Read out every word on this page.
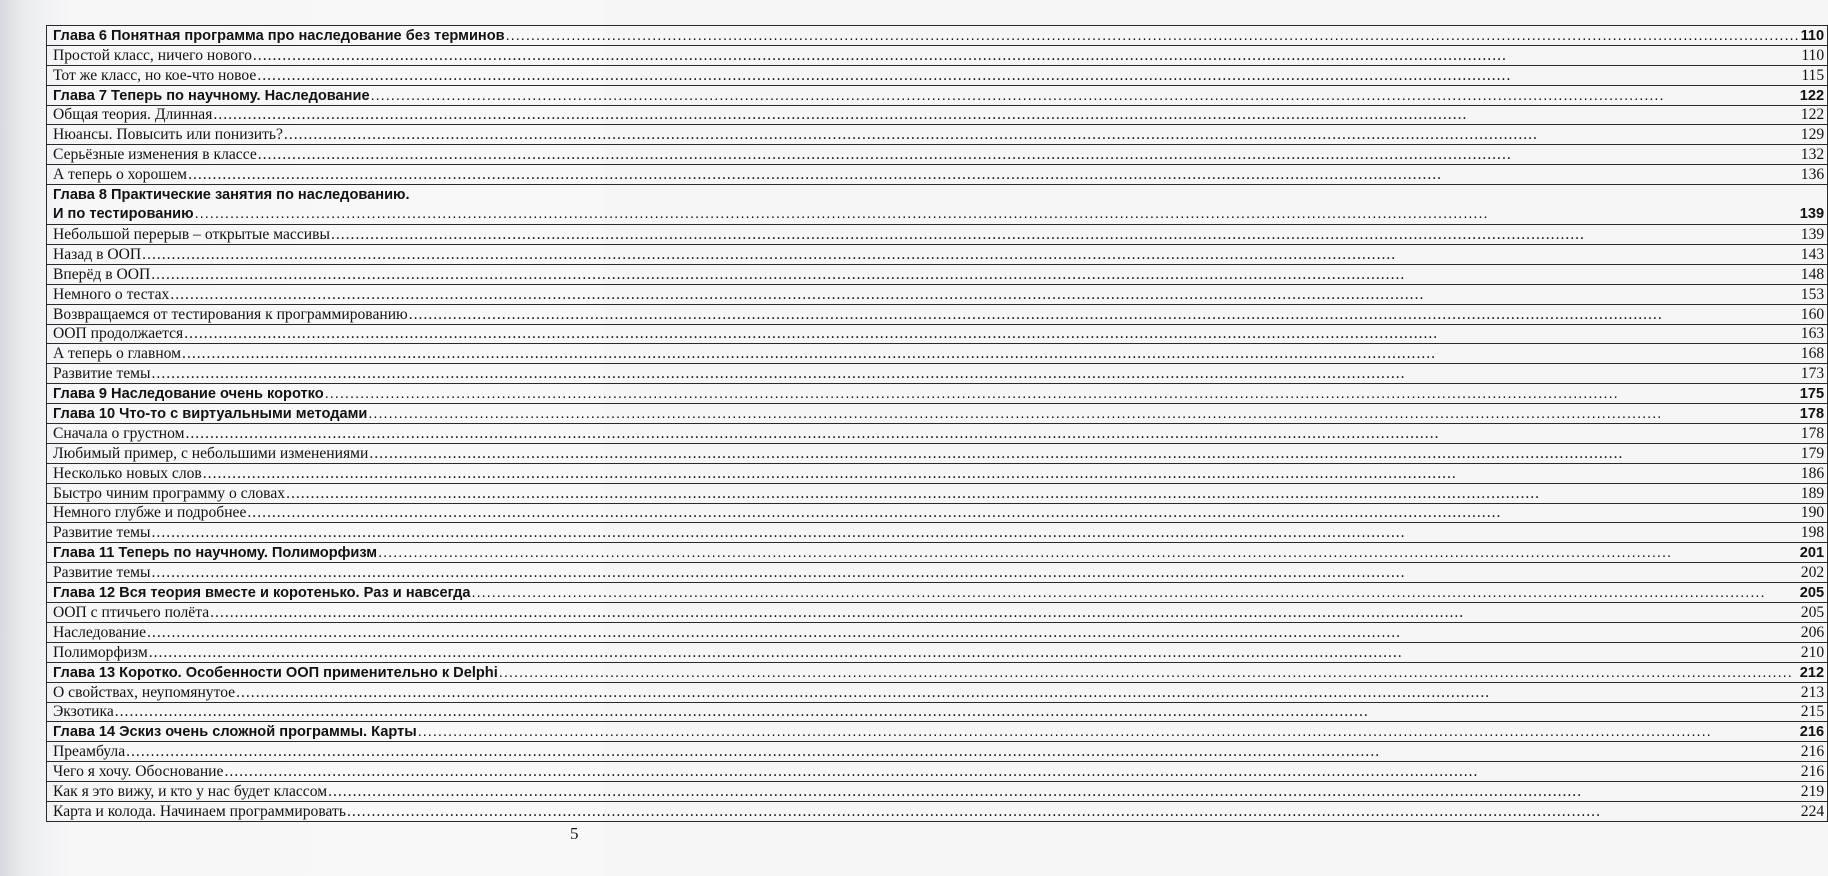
Глава 6 Понятная программа про наследование без терминов .....	110

Простой класс, ничего нового .....	110

Тот же класс, но кое-что новое .....	115

Глава 7 Теперь по научному. Наследование .....	122

Общая теория. Длинная .....	122

Нюансы. Повысить или понизить? .....	129

Серьёзные изменения в классе .....	132

А теперь о хорошем .....	136

Глава 8 Практические занятия по наследованию.
И по тестированию .....	139

Небольшой перерыв – открытые массивы .....	139

Назад в ООП .....	143

Вперёд в ООП .....	148

Немного о тестах .....	153

Возвращаемся от тестирования к программированию .....	160

ООП продолжается .....	163

А теперь о главном .....	168

Развитие темы .....	173

Глава 9 Наследование очень коротко .....	175

Глава 10 Что-то с виртуальными методами .....	178

Сначала о грустном .....	178

Любимый пример, с небольшими изменениями .....	179

Несколько новых слов .....	186

Быстро чиним программу о словах .....	189

Немного глубже и подробнее .....	190

Развитие темы .....	198

Глава 11 Теперь по научному. Полиморфизм .....	201

Развитие темы .....	202

Глава 12 Вся теория вместе и коротенько. Раз и навсегда .....	205

ООП с птичьего полёта .....	205

Наследование .....	206

Полиморфизм .....	210

Глава 13 Коротко. Особенности ООП применительно к Delphi .....	212

О свойствах, неупомянутое .....	213

Экзотика .....	215

Глава 14 Эскиз очень сложной программы. Карты .....	216

Преамбула .....	216

Чего я хочу. Обоснование .....	216

Как я это вижу, и кто у нас будет классом .....	219

Карта и колода. Начинаем программировать .....	224
5
